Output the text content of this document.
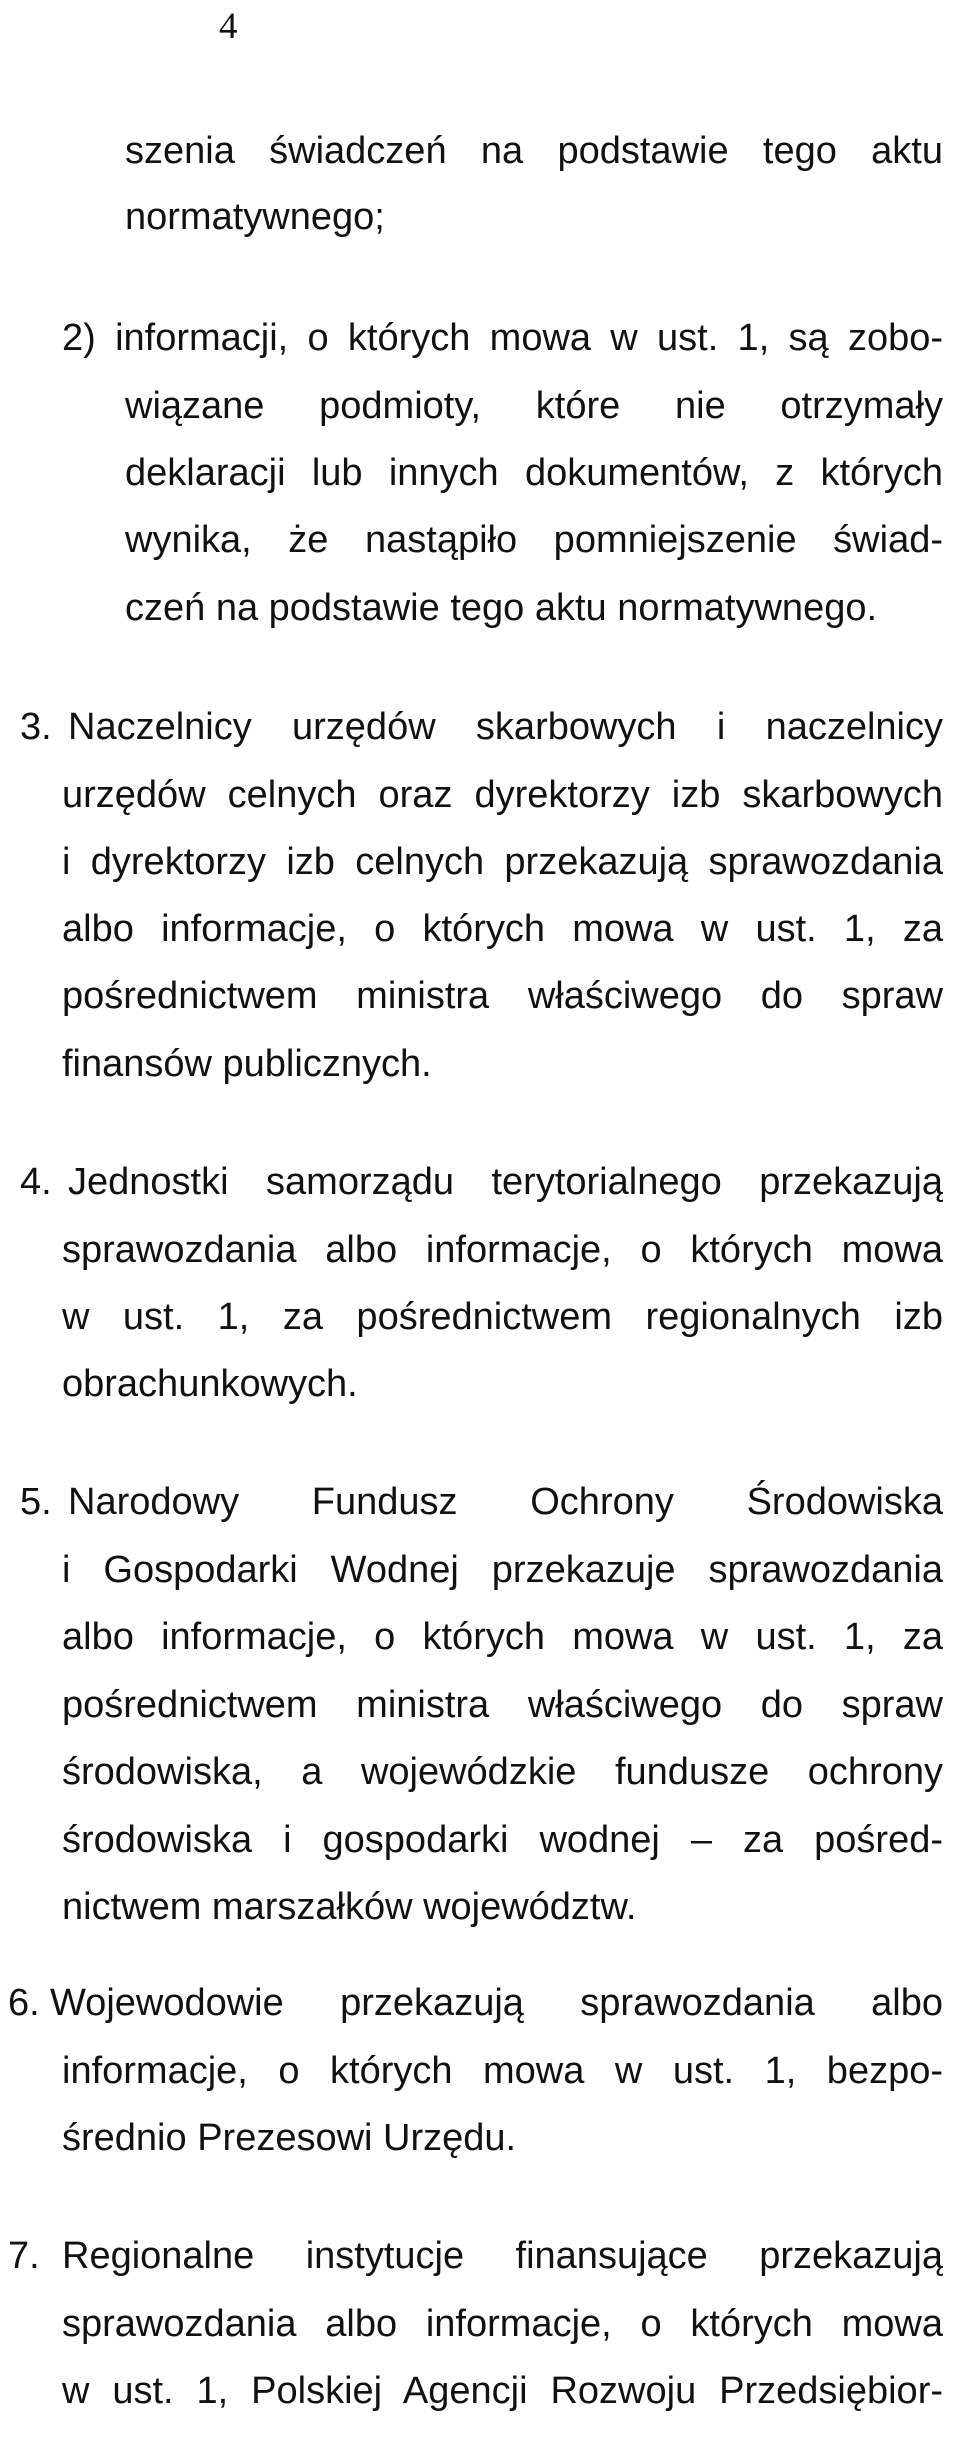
4
szenia świadczeń na podstawie tego aktu
normatywnego;
2) informacji, o których mowa w ust. 1, są zobo-
wiązane podmioty, które nie otrzymały
deklaracji lub innych dokumentów, z których
wynika, że nastąpiło pomniejszenie świad-
czeń na podstawie tego aktu normatywnego.
3. Naczelnicy urzędów skarbowych i naczelnicy
urzędów celnych oraz dyrektorzy izb skarbowych
i dyrektorzy izb celnych przekazują sprawozdania
albo informacje, o których mowa w ust. 1, za
pośrednictwem ministra właściwego do spraw
finansów publicznych.
4. Jednostki samorządu terytorialnego przekazują
sprawozdania albo informacje, o których mowa
w ust. 1, za pośrednictwem regionalnych izb
obrachunkowych.
5. Narodowy Fundusz Ochrony Środowiska
i Gospodarki Wodnej przekazuje sprawozdania
albo informacje, o których mowa w ust. 1, za
pośrednictwem ministra właściwego do spraw
środowiska, a wojewódzkie fundusze ochrony
środowiska i gospodarki wodnej – za pośred-
nictwem marszałków województw.
6. Wojewodowie przekazują sprawozdania albo
informacje, o których mowa w ust. 1, bezpo-
średnio Prezesowi Urzędu.
7. Regionalne instytucje finansujące przekazują
sprawozdania albo informacje, o których mowa
w ust. 1, Polskiej Agencji Rozwoju Przedsiębior-
